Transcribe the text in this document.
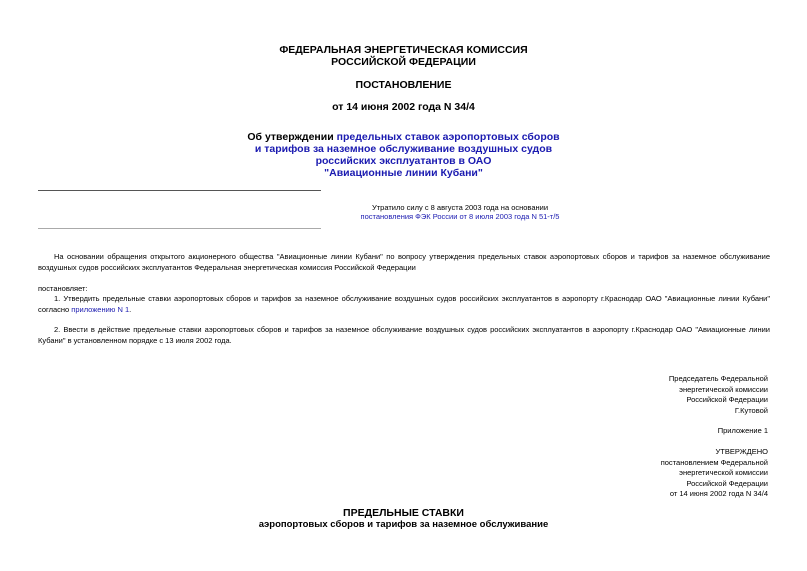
ФЕДЕРАЛЬНАЯ ЭНЕРГЕТИЧЕСКАЯ КОМИССИЯ
РОССИЙСКОЙ ФЕДЕРАЦИИ
ПОСТАНОВЛЕНИЕ
от 14 июня 2002 года N 34/4
Об утверждении предельных ставок аэропортовых сборов
и тарифов за наземное обслуживание воздушных судов
российских эксплуатантов в ОАО
"Авиационные линии Кубани"
Утратило силу с 8 августа 2003 года на основании
постановления ФЭК России от 8 июля 2003 года N 51-т/5
На основании обращения открытого акционерного общества "Авиационные линии Кубани" по вопросу утверждения предельных ставок аэропортовых сборов и тарифов за наземное обслуживание воздушных судов российских эксплуатантов Федеральная энергетическая комиссия Российской Федерации
постановляет:
1. Утвердить предельные ставки аэропортовых сборов и тарифов за наземное обслуживание воздушных судов российских эксплуатантов в аэропорту г.Краснодар ОАО "Авиационные линии Кубани" согласно приложению N 1.
2. Ввести в действие предельные ставки аэропортовых сборов и тарифов за наземное обслуживание воздушных судов российских эксплуатантов в аэропорту г.Краснодар ОАО "Авиационные линии Кубани" в установленном порядке с 13 июля 2002 года.
Председатель Федеральной
энергетической комиссии
Российской Федерации
Г.Кутовой
Приложение 1
УТВЕРЖДЕНО
постановлением Федеральной
энергетической комиссии
Российской Федерации
от 14 июня 2002 года N 34/4
ПРЕДЕЛЬНЫЕ СТАВКИ
аэропортовых сборов и тарифов за наземное обслуживание
